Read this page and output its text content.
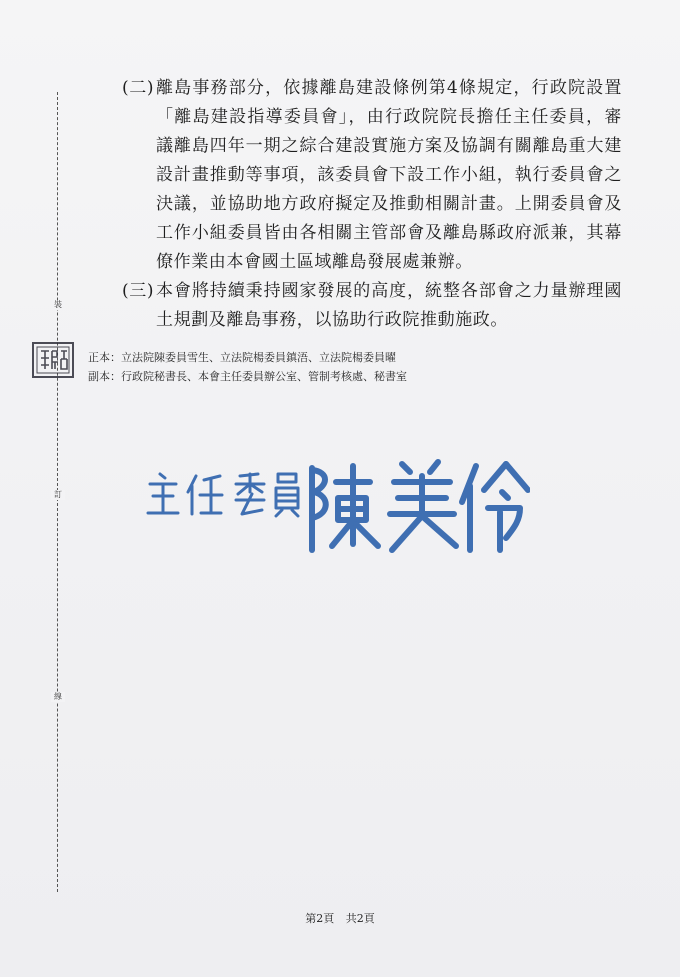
裝
訂
線

(二) 離島事務部分，依據離島建設條例第4條規定，行政院設置「離島建設指導委員會」，由行政院院長擔任主任委員，審議離島四年一期之綜合建設實施方案及協調有關離島重大建設計畫推動等事項，該委員會下設工作小組，執行委員會之決議，並協助地方政府擬定及推動相關計畫。上開委員會及工作小組委員皆由各相關主管部會及離島縣政府派兼，其幕僚作業由本會國土區域離島發展處兼辦。

(三) 本會將持續秉持國家發展的高度，統整各部會之力量辦理國土規劃及離島事務，以協助行政院推動施政。

正本：立法院陳委員雪生、立法院楊委員鎮浯、立法院楊委員曜
副本：行政院秘書長、本會主任委員辦公室、管制考核處、秘書室
第2頁 共2頁
